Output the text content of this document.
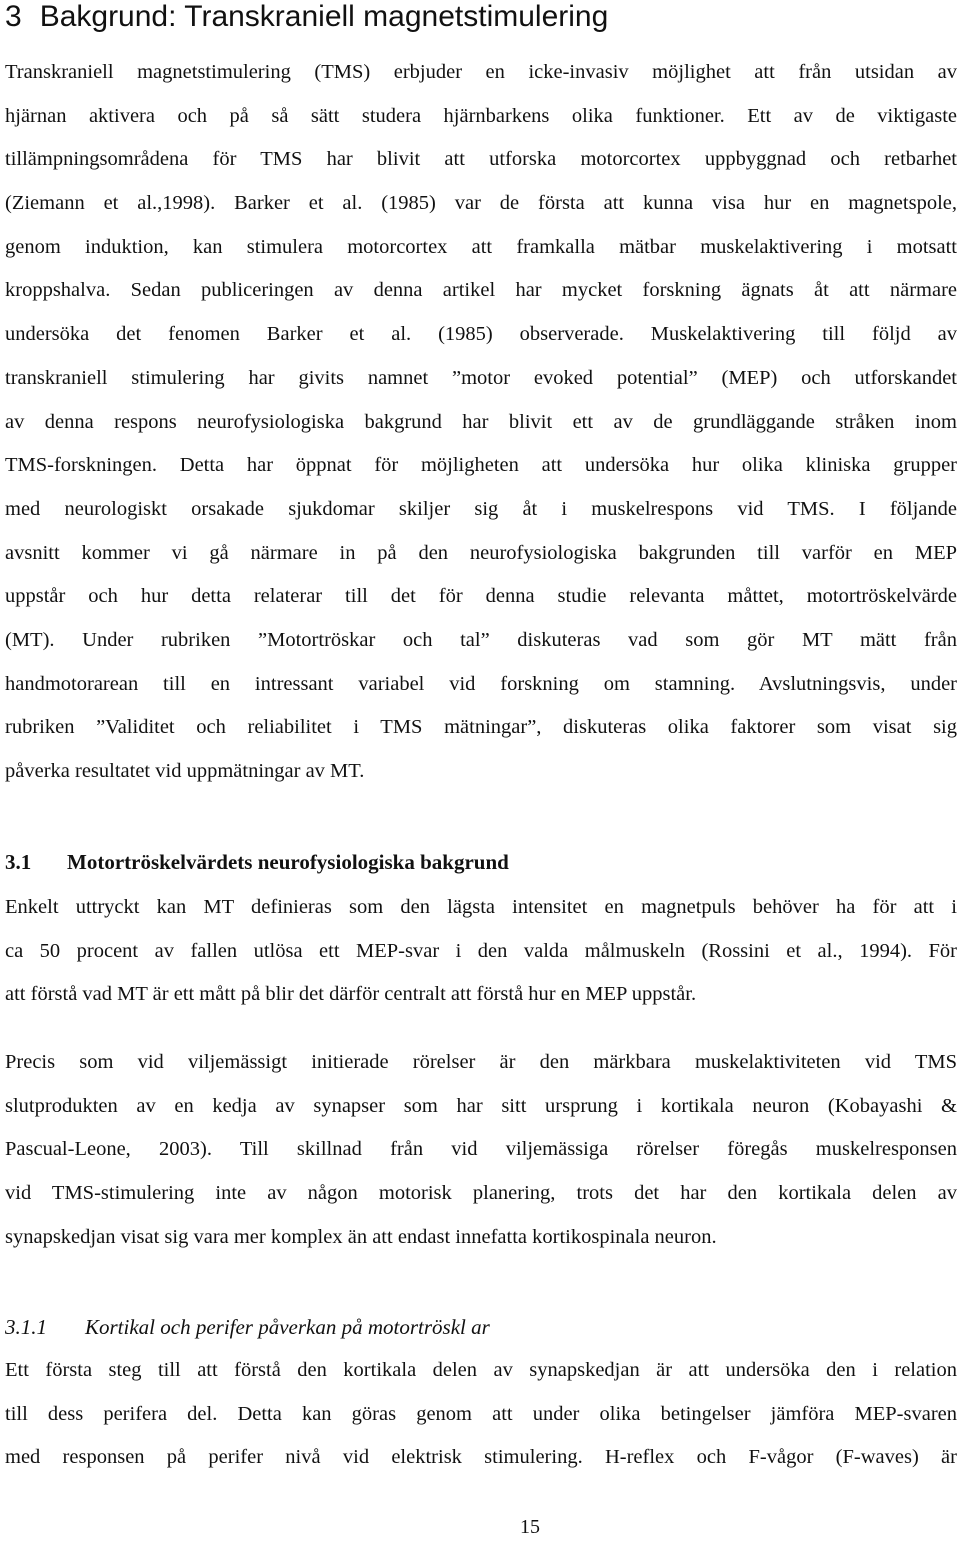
3 Bakgrund: Transkraniell magnetstimulering
Transkraniell magnetstimulering (TMS) erbjuder en icke-invasiv möjlighet att från utsidan av
hjärnan aktivera och på så sätt studera hjärnbarkens olika funktioner. Ett av de viktigaste
tillämpningsområdena för TMS har blivit att utforska motorcortex uppbyggnad och retbarhet
(Ziemann et al.,1998). Barker et al. (1985) var de första att kunna visa hur en magnetspole,
genom induktion, kan stimulera motorcortex att framkalla mätbar muskelaktivering i motsatt
kroppshalva. Sedan publiceringen av denna artikel har mycket forskning ägnats åt att närmare
undersöka det fenomen Barker et al. (1985) observerade. Muskelaktivering till följd av
transkraniell stimulering har givits namnet ”motor evoked potential” (MEP) och utforskandet
av denna respons neurofysiologiska bakgrund har blivit ett av de grundläggande stråken inom
TMS-forskningen. Detta har öppnat för möjligheten att undersöka hur olika kliniska grupper
med neurologiskt orsakade sjukdomar skiljer sig åt i muskelrespons vid TMS. I följande
avsnitt kommer vi gå närmare in på den neurofysiologiska bakgrunden till varför en MEP
uppstår och hur detta relaterar till det för denna studie relevanta måttet, motortröskelvärde
(MT). Under rubriken ”Motortröskar och tal” diskuteras vad som gör MT mätt från
handmotorarean till en intressant variabel vid forskning om stamning. Avslutningsvis, under
rubriken ”Validitet och reliabilitet i TMS mätningar”, diskuteras olika faktorer som visat sig
påverka resultatet vid uppmätningar av MT.
3.1 Motortröskelvärdets neurofysiologiska bakgrund
Enkelt uttryckt kan MT definieras som den lägsta intensitet en magnetpuls behöver ha för att i
ca 50 procent av fallen utlösa ett MEP-svar i den valda målmuskeln (Rossini et al., 1994). För
att förstå vad MT är ett mått på blir det därför centralt att förstå hur en MEP uppstår.
Precis som vid viljemässigt initierade rörelser är den märkbara muskelaktiviteten vid TMS
slutprodukten av en kedja av synapser som har sitt ursprung i kortikala neuron (Kobayashi &
Pascual-Leone, 2003). Till skillnad från vid viljemässiga rörelser föregås muskelresponsen
vid TMS-stimulering inte av någon motorisk planering, trots det har den kortikala delen av
synapskedjan visat sig vara mer komplex än att endast innefatta kortikospinala neuron.
3.1.1 Kortikal och perifer påverkan på motortröskl ar
Ett första steg till att förstå den kortikala delen av synapskedjan är att undersöka den i relation
till dess perifera del. Detta kan göras genom att under olika betingelser jämföra MEP-svaren
med responsen på perifer nivå vid elektrisk stimulering. H-reflex och F-vågor (F-waves) är
15
